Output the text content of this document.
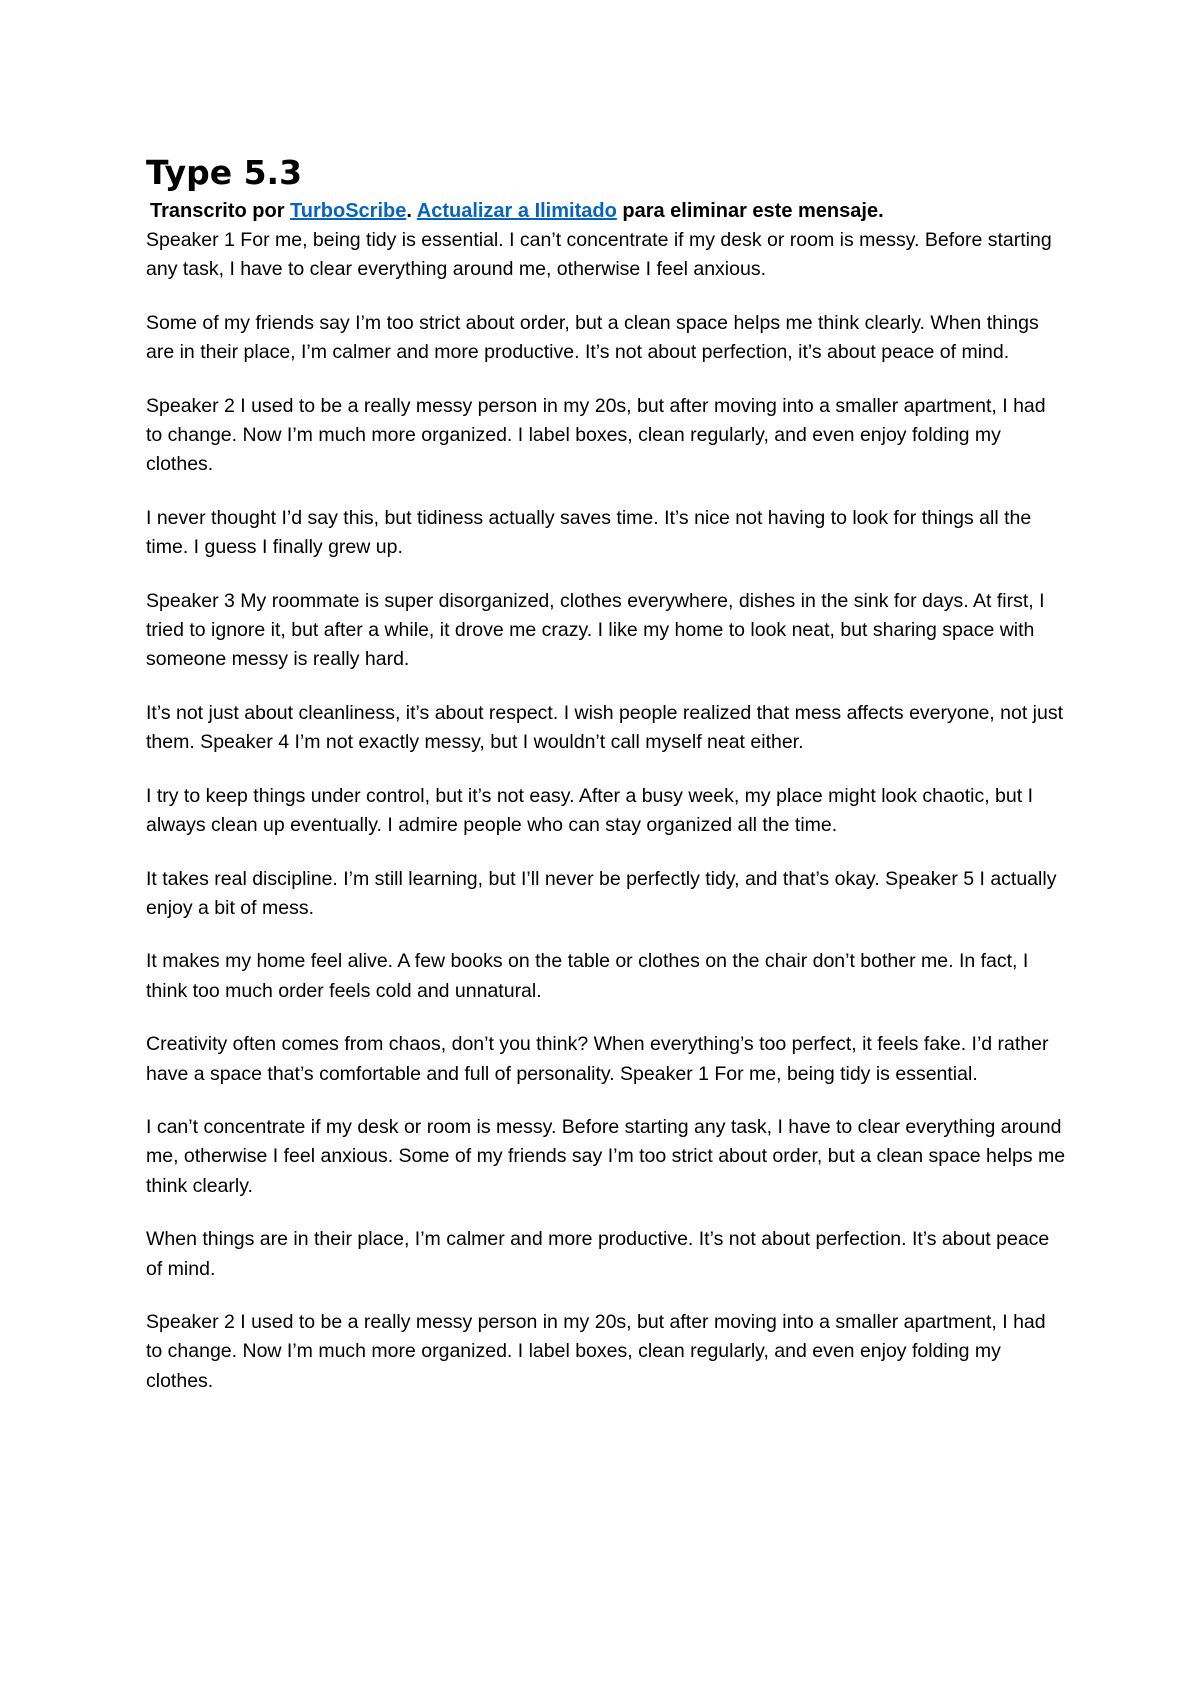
Type 5.3

Transcrito por TurboScribe. Actualizar a Ilimitado para eliminar este mensaje.

Speaker 1 For me, being tidy is essential. I can’t concentrate if my desk or room is messy. Before starting any task, I have to clear everything around me, otherwise I feel anxious.

Some of my friends say I’m too strict about order, but a clean space helps me think clearly. When things are in their place, I’m calmer and more productive. It’s not about perfection, it’s about peace of mind.

Speaker 2 I used to be a really messy person in my 20s, but after moving into a smaller apartment, I had to change. Now I’m much more organized. I label boxes, clean regularly, and even enjoy folding my clothes.

I never thought I’d say this, but tidiness actually saves time. It’s nice not having to look for things all the time. I guess I finally grew up.

Speaker 3 My roommate is super disorganized, clothes everywhere, dishes in the sink for days. At first, I tried to ignore it, but after a while, it drove me crazy. I like my home to look neat, but sharing space with someone messy is really hard.

It’s not just about cleanliness, it’s about respect. I wish people realized that mess affects everyone, not just them. Speaker 4 I’m not exactly messy, but I wouldn’t call myself neat either.

I try to keep things under control, but it’s not easy. After a busy week, my place might look chaotic, but I always clean up eventually. I admire people who can stay organized all the time.

It takes real discipline. I’m still learning, but I’ll never be perfectly tidy, and that’s okay. Speaker 5 I actually enjoy a bit of mess.

It makes my home feel alive. A few books on the table or clothes on the chair don’t bother me. In fact, I think too much order feels cold and unnatural.

Creativity often comes from chaos, don’t you think? When everything’s too perfect, it feels fake. I’d rather have a space that’s comfortable and full of personality. Speaker 1 For me, being tidy is essential.

I can’t concentrate if my desk or room is messy. Before starting any task, I have to clear everything around me, otherwise I feel anxious. Some of my friends say I’m too strict about order, but a clean space helps me think clearly.

When things are in their place, I’m calmer and more productive. It’s not about perfection. It’s about peace of mind.

Speaker 2 I used to be a really messy person in my 20s, but after moving into a smaller apartment, I had to change. Now I’m much more organized. I label boxes, clean regularly, and even enjoy folding my clothes.
